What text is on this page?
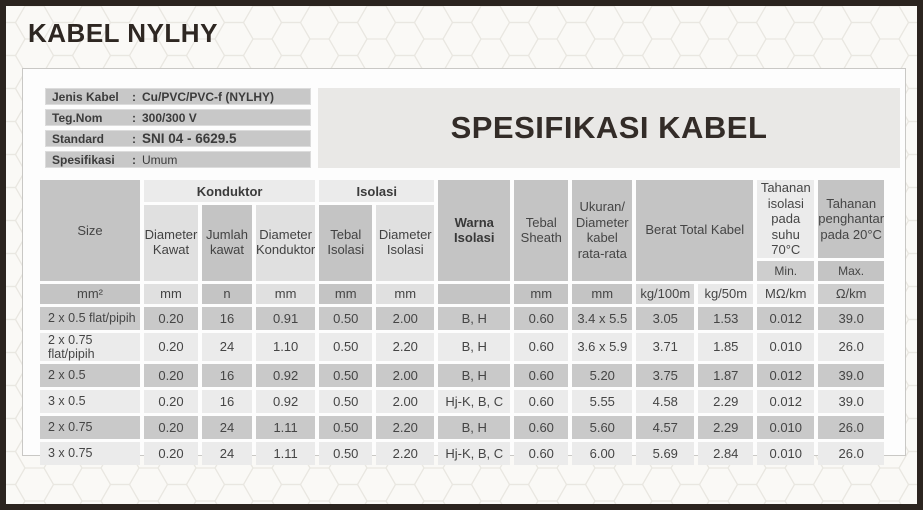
KABEL NYLHY
Jenis Kabel	: Cu/PVC/PVC-f (NYLHY)
Teg.Nom	: 300/300 V
Standard	: SNI 04 - 6629.5
Spesifikasi	: Umum
SPESIFIKASI KABEL
Size	Konduktor			Isolasi		Warna Isolasi	Tebal Sheath	Ukuran/ Diameter kabel rata-rata	Berat Total Kabel		Tahanan isolasi pada suhu 70°C	Tahanan penghantar pada 20°C
	Diameter Kawat	Jumlah kawat	Diameter Konduktor	Tebal Isolasi	Diameter Isolasi							
											Min.	Max.
mm²	mm	n	mm	mm	mm		mm	mm	kg/100m	kg/50m	MΩ/km	Ω/km
2 x 0.5 flat/pipih	0.20	16	0.91	0.50	2.00	B, H	0.60	3.4 x 5.5	3.05	1.53	0.012	39.0
2 x 0.75 flat/pipih	0.20	24	1.10	0.50	2.20	B, H	0.60	3.6 x 5.9	3.71	1.85	0.010	26.0
2 x 0.5	0.20	16	0.92	0.50	2.00	B, H	0.60	5.20	3.75	1.87	0.012	39.0
3 x 0.5	0.20	16	0.92	0.50	2.00	Hj-K, B, C	0.60	5.55	4.58	2.29	0.012	39.0
2 x 0.75	0.20	24	1.11	0.50	2.20	B, H	0.60	5.60	4.57	2.29	0.010	26.0
3 x 0.75	0.20	24	1.11	0.50	2.20	Hj-K, B, C	0.60	6.00	5.69	2.84	0.010	26.0
